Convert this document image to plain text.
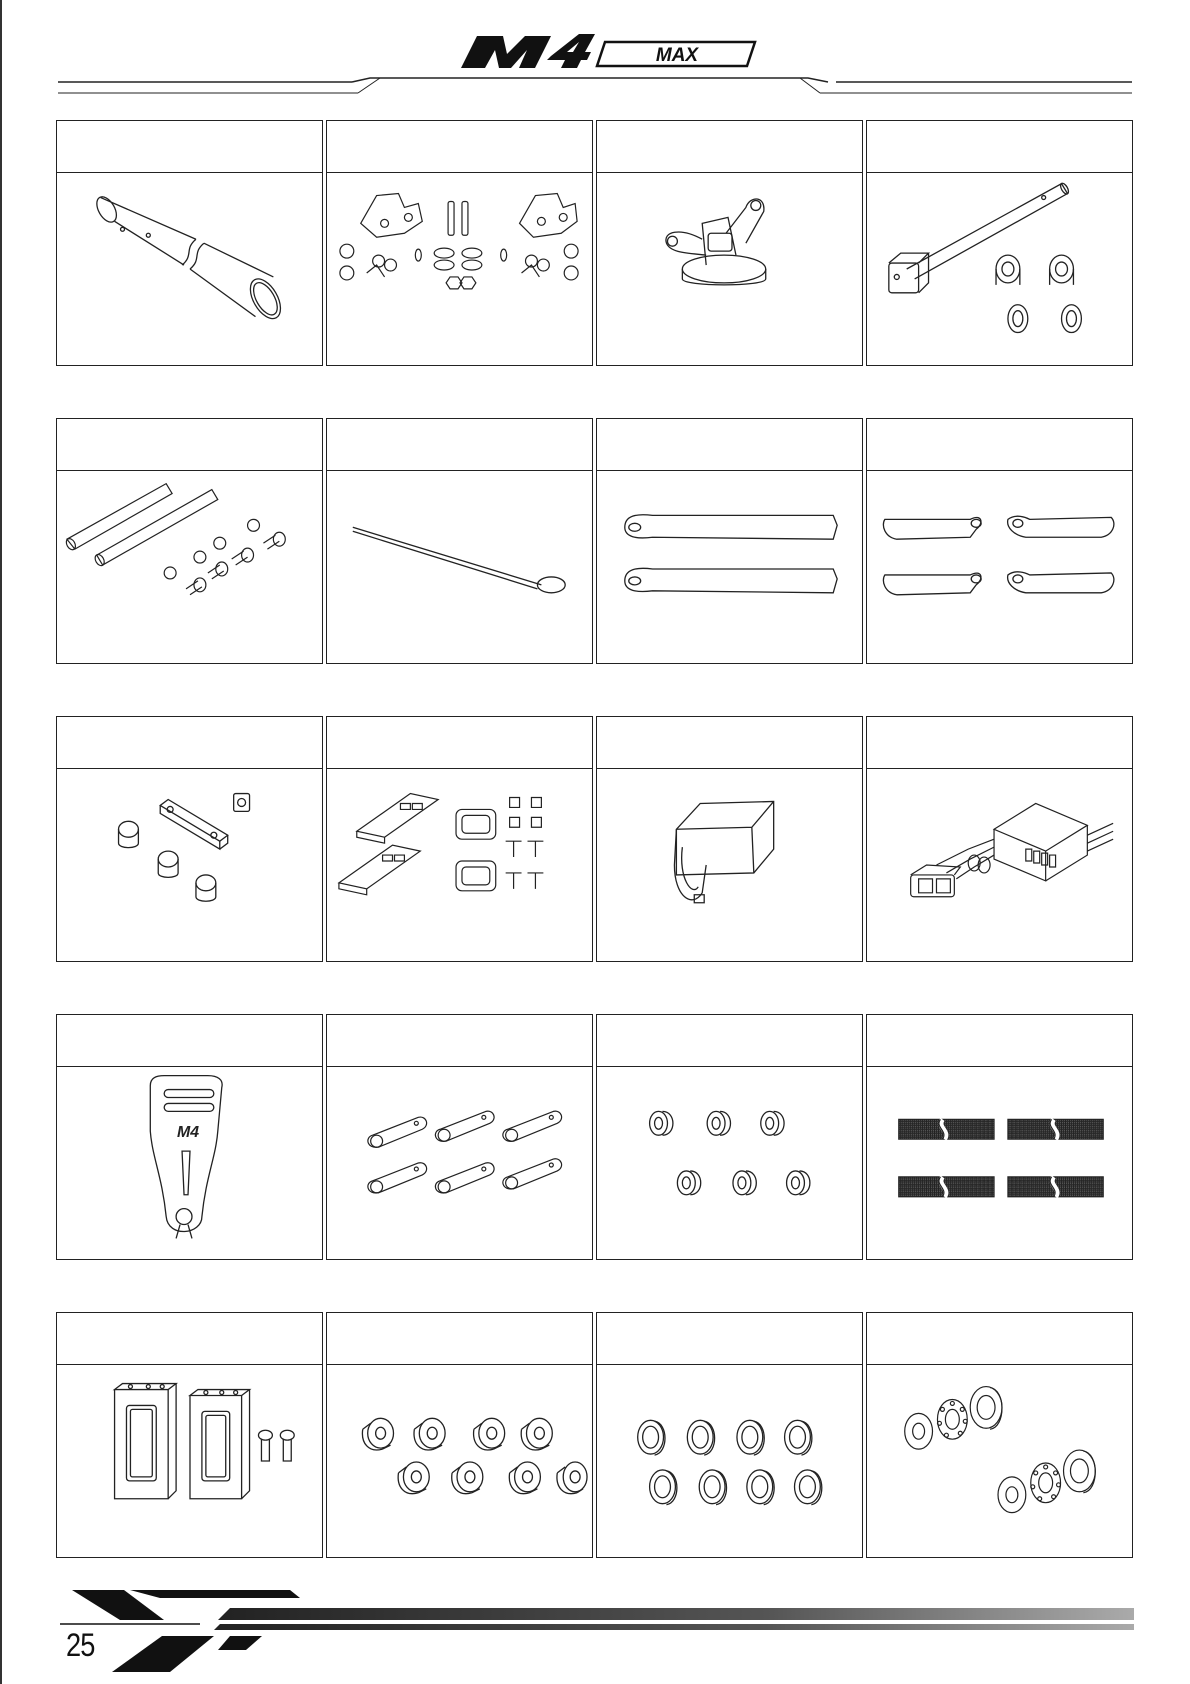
MAX
M4
25
